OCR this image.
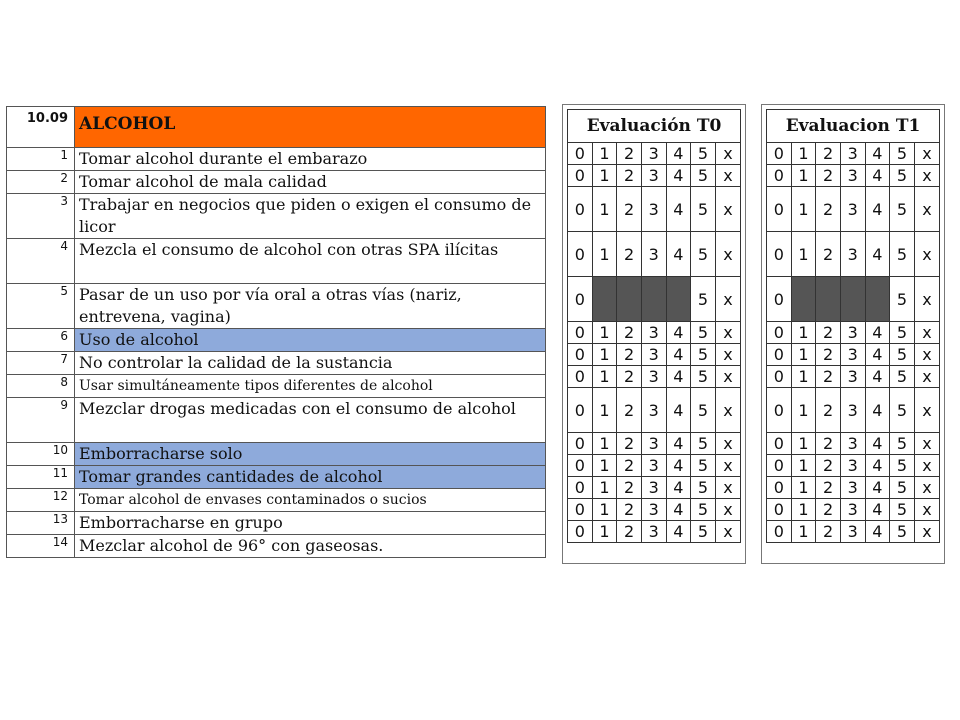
10.09	ALCOHOL
1	Tomar alcohol durante el embarazo
2	Tomar alcohol de mala calidad
3	Trabajar en negocios que piden o exigen el consumo de licor
4	Mezcla el consumo de alcohol con otras SPA ilícitas
5	Pasar de un uso por vía oral a otras vías (nariz, entrevena, vagina)
6	Uso de alcohol
7	No controlar la calidad de la sustancia
8	Usar simultáneamente tipos diferentes de alcohol
9	Mezclar drogas medicadas con el consumo de alcohol
10	Emborracharse solo
11	Tomar grandes cantidades de alcohol
12	Tomar alcohol de envases contaminados o sucios
13	Emborracharse en grupo
14	Mezclar alcohol de 96° con gaseosas.
Evaluación T0						
0	1	2	3	4	5	x
0	1	2	3	4	5	x
0	1	2	3	4	5	x
0	1	2	3	4	5	x
0					5	x
0	1	2	3	4	5	x
0	1	2	3	4	5	x
0	1	2	3	4	5	x
0	1	2	3	4	5	x
0	1	2	3	4	5	x
0	1	2	3	4	5	x
0	1	2	3	4	5	x
0	1	2	3	4	5	x
0	1	2	3	4	5	x
Evaluacion T1						
0	1	2	3	4	5	x
0	1	2	3	4	5	x
0	1	2	3	4	5	x
0	1	2	3	4	5	x
0					5	x
0	1	2	3	4	5	x
0	1	2	3	4	5	x
0	1	2	3	4	5	x
0	1	2	3	4	5	x
0	1	2	3	4	5	x
0	1	2	3	4	5	x
0	1	2	3	4	5	x
0	1	2	3	4	5	x
0	1	2	3	4	5	x
